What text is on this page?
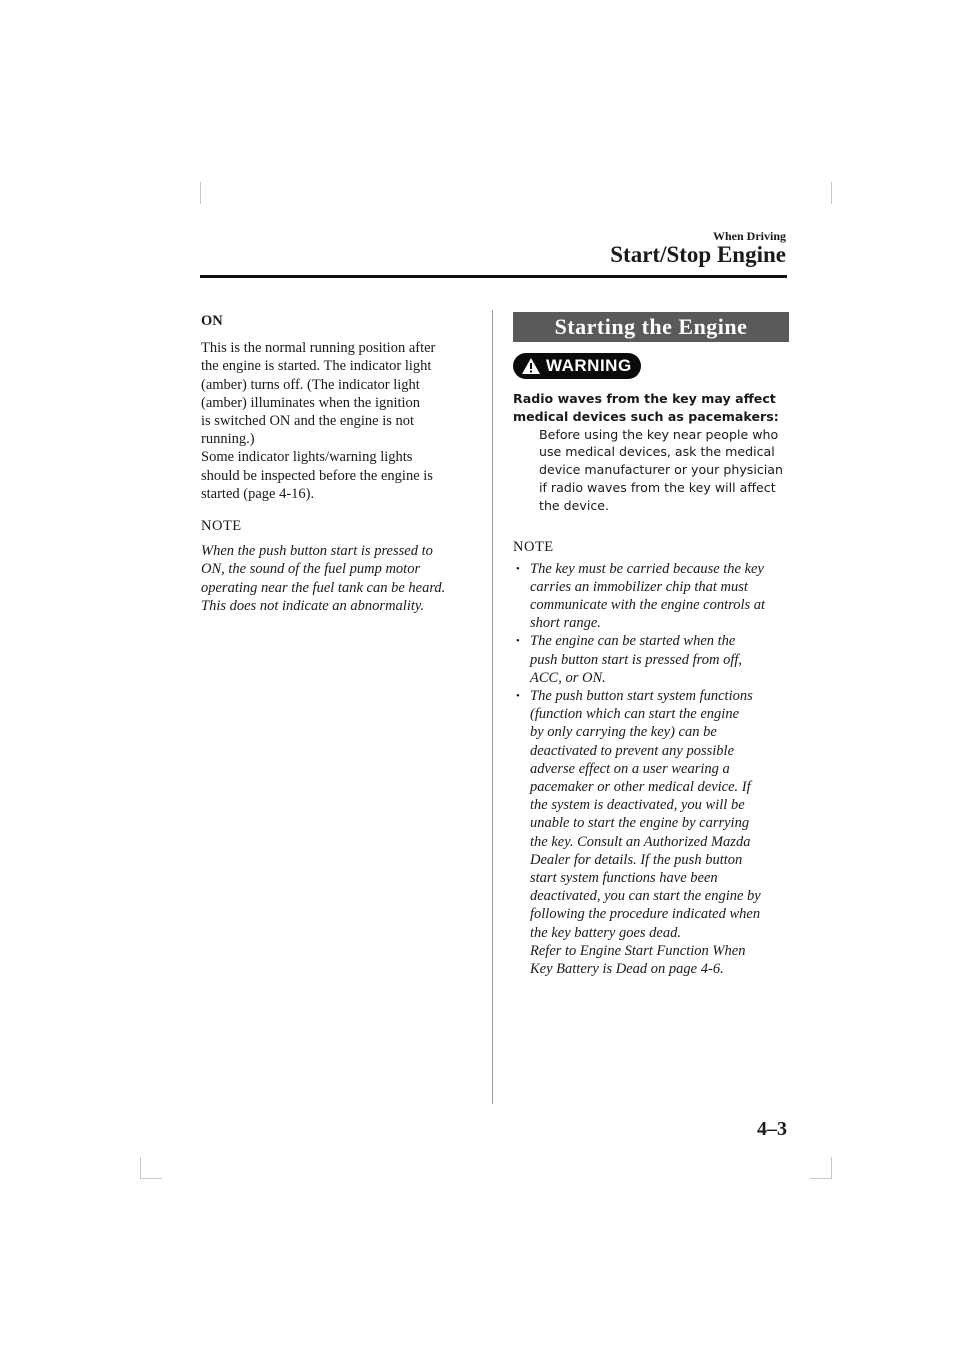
When Driving
Start/Stop Engine

ON

This is the normal running position after

the engine is started. The indicator light

(amber) turns off. (The indicator light

(amber) illuminates when the ignition

is switched ON and the engine is not

running.)

Some indicator lights/warning lights

should be inspected before the engine is

started (page 4-16).

NOTE

When the push button start is pressed to

ON, the sound of the fuel pump motor

operating near the fuel tank can be heard.

This does not indicate an abnormality.

Starting the Engine
WARNING
Radio waves from the key may affect
medical devices such as pacemakers:
Before using the key near people who
use medical devices, ask the medical
device manufacturer or your physician
if radio waves from the key will affect
the device.

NOTE

• The key must be carried because the key
carries an immobilizer chip that must
communicate with the engine controls at
short range.
• The engine can be started when the
push button start is pressed from off,
ACC, or ON.
• The push button start system functions
(function which can start the engine
by only carrying the key) can be
deactivated to prevent any possible
adverse effect on a user wearing a
pacemaker or other medical device. If
the system is deactivated, you will be
unable to start the engine by carrying
the key. Consult an Authorized Mazda
Dealer for details. If the push button
start system functions have been
deactivated, you can start the engine by
following the procedure indicated when
the key battery goes dead.
Refer to Engine Start Function When
Key Battery is Dead on page 4-6.
4–3
